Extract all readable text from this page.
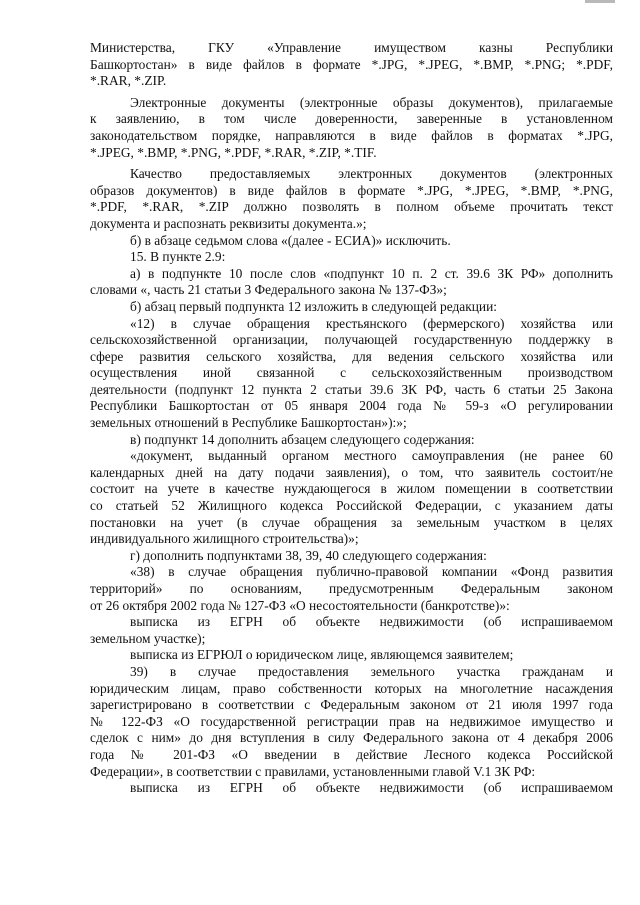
Министерства, ГКУ «Управление имуществом казны Республики
Башкортостан» в виде файлов в формате *.JPG, *.JPEG, *.BMP, *.PNG; *.PDF,
*.RAR, *.ZIP.
Электронные документы (электронные образы документов), прилагаемые
к заявлению, в том числе доверенности, заверенные в установленном
законодательством порядке, направляются в виде файлов в форматах *.JPG,
*.JPEG, *.BMP, *.PNG, *.PDF, *.RAR, *.ZIP, *.TIF.
Качество предоставляемых электронных документов (электронных
образов документов) в виде файлов в формате *.JPG, *.JPEG, *.BMP, *.PNG,
*.PDF, *.RAR, *.ZIP должно позволять в полном объеме прочитать текст
документа и распознать реквизиты документа.»;
б) в абзаце седьмом слова «(далее - ЕСИА)» исключить.
15. В пункте 2.9:
а) в подпункте 10 после слов «подпункт 10 п. 2 ст. 39.6 ЗК РФ» дополнить
словами «, часть 21 статьи 3 Федерального закона № 137-ФЗ»;
б) абзац первый подпункта 12 изложить в следующей редакции:
«12) в случае обращения крестьянского (фермерского) хозяйства или
сельскохозяйственной организации, получающей государственную поддержку в
сфере развития сельского хозяйства, для ведения сельского хозяйства или
осуществления иной связанной с сельскохозяйственным производством
деятельности (подпункт 12 пункта 2 статьи 39.6 ЗК РФ, часть 6 статьи 25 Закона
Республики Башкортостан от 05 января 2004 года № 59-з «О регулировании
земельных отношений в Республике Башкортостан»):»;
в) подпункт 14 дополнить абзацем следующего содержания:
«документ, выданный органом местного самоуправления (не ранее 60
календарных дней на дату подачи заявления), о том, что заявитель состоит/не
состоит на учете в качестве нуждающегося в жилом помещении в соответствии
со статьей 52 Жилищного кодекса Российской Федерации, с указанием даты
постановки на учет (в случае обращения за земельным участком в целях
индивидуального жилищного строительства)»;
г) дополнить подпунктами 38, 39, 40 следующего содержания:
«38) в случае обращения публично-правовой компании «Фонд развития
территорий» по основаниям, предусмотренным Федеральным законом
от 26 октября 2002 года № 127-ФЗ «О несостоятельности (банкротстве)»:
выписка из ЕГРН об объекте недвижимости (об испрашиваемом
земельном участке);
выписка из ЕГРЮЛ о юридическом лице, являющемся заявителем;
39) в случае предоставления земельного участка гражданам и
юридическим лицам, право собственности которых на многолетние насаждения
зарегистрировано в соответствии с Федеральным законом от 21 июля 1997 года
№ 122-ФЗ «О государственной регистрации прав на недвижимое имущество и
сделок с ним» до дня вступления в силу Федерального закона от 4 декабря 2006
года № 201-ФЗ «О введении в действие Лесного кодекса Российской
Федерации», в соответствии с правилами, установленными главой V.1 ЗК РФ:
выписка из ЕГРН об объекте недвижимости (об испрашиваемом
